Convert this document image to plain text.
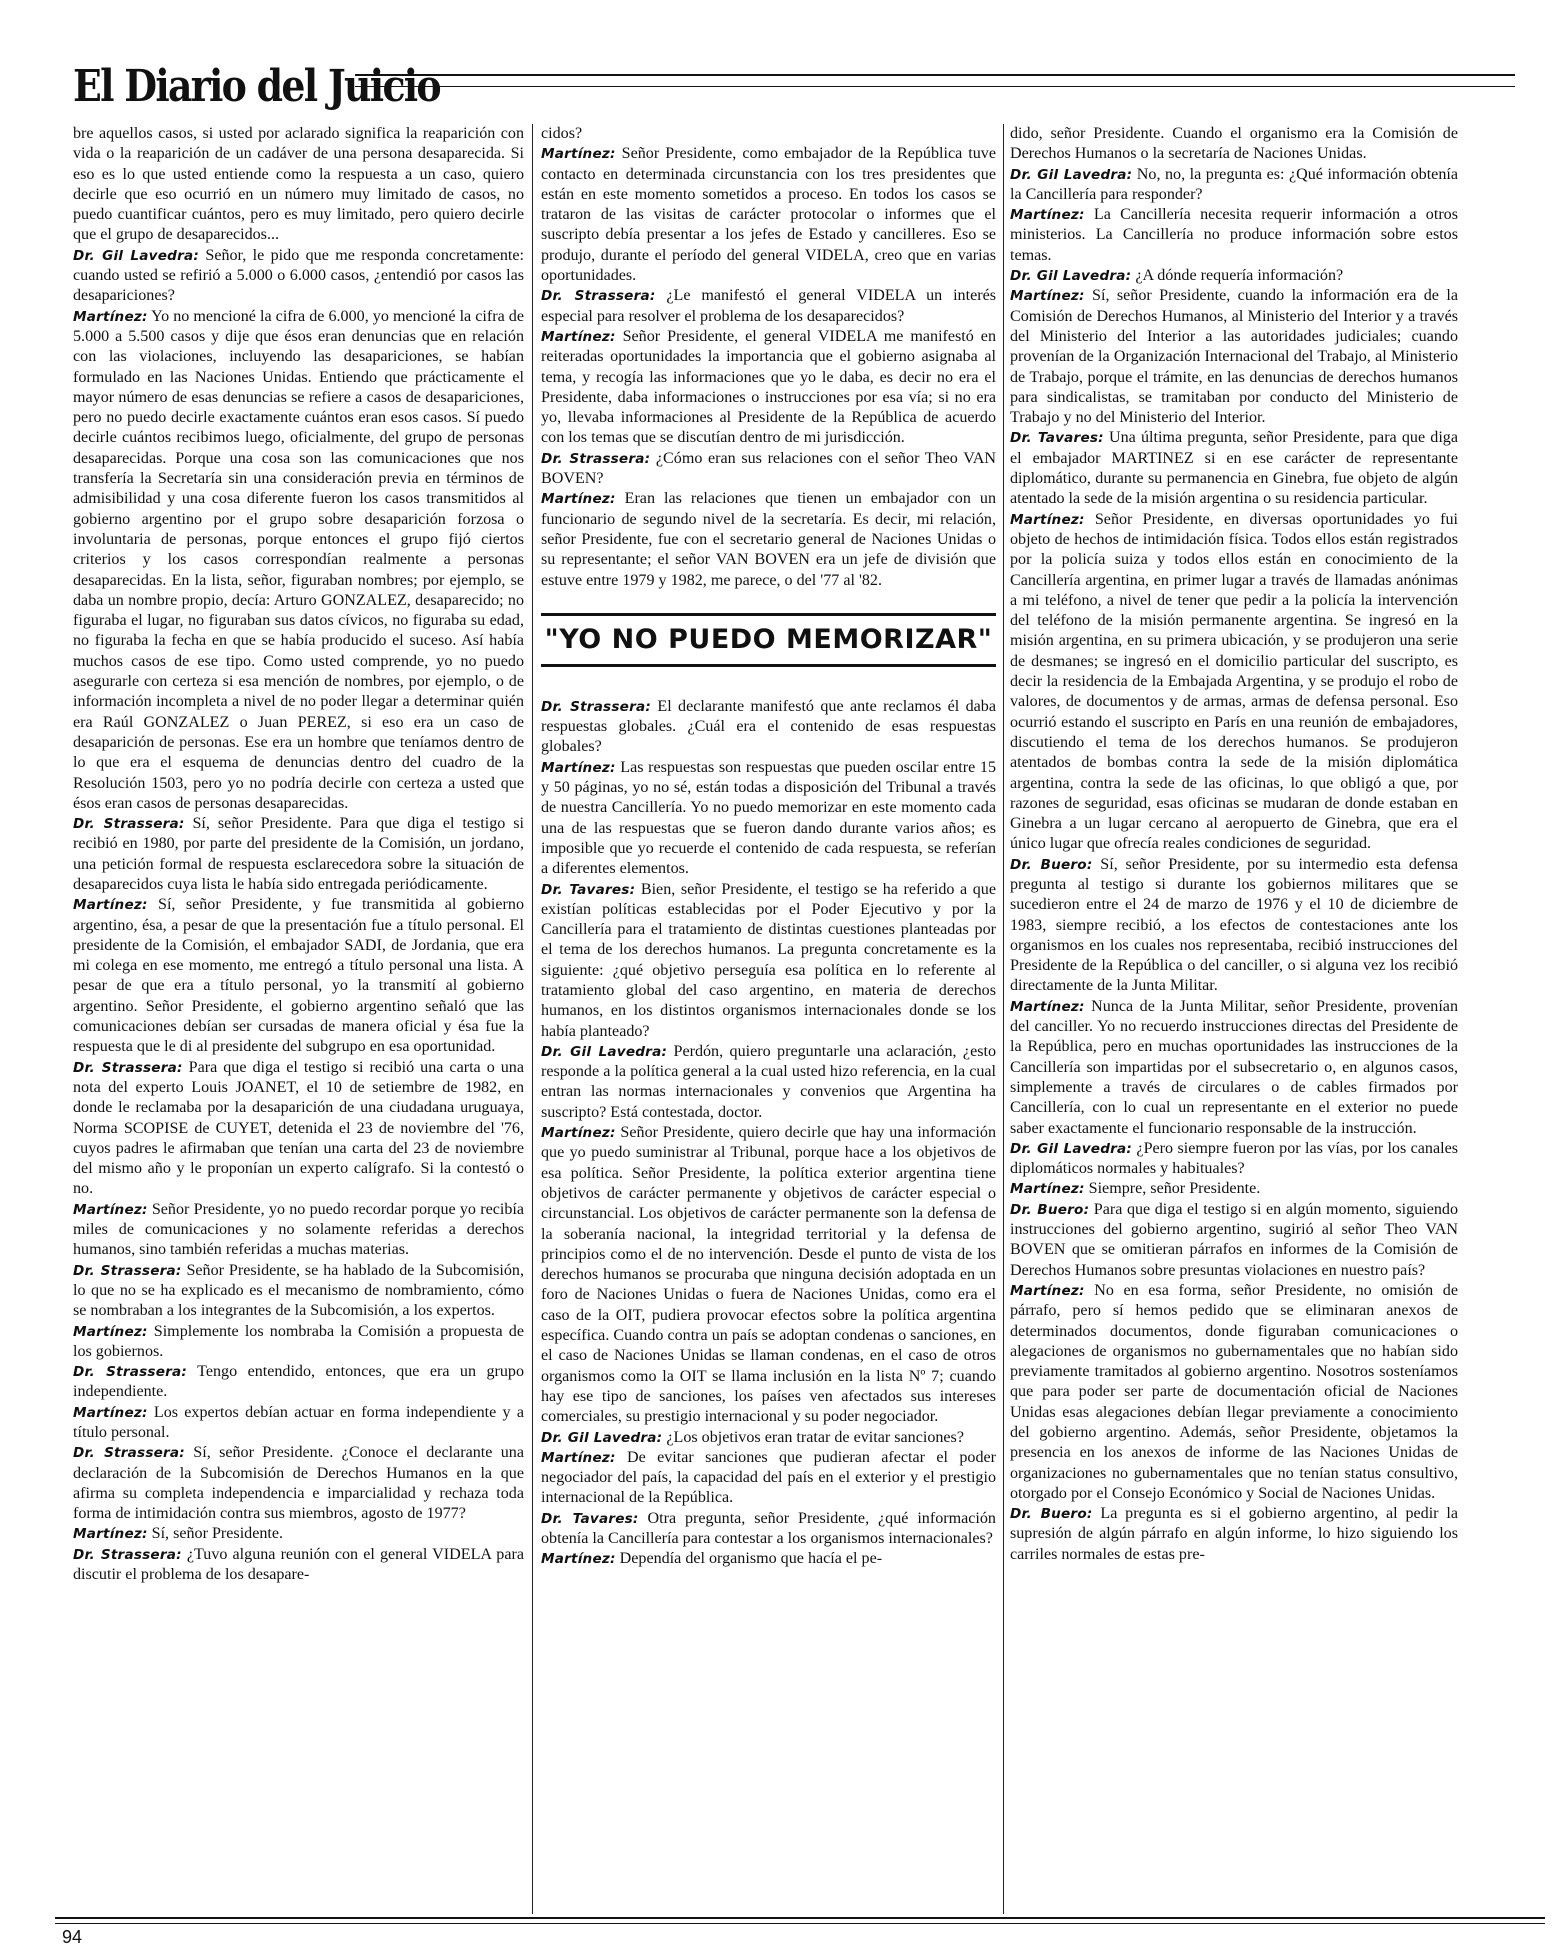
El Diario del Juicio

bre aquellos casos, si usted por aclarado significa la reaparición con vida o la reaparición de un cadáver de una persona desaparecida. Si eso es lo que usted entiende como la respuesta a un caso, quiero decirle que eso ocurrió en un número muy limitado de casos, no puedo cuantificar cuántos, pero es muy limitado, pero quiero decirle que el grupo de desaparecidos...

Dr. Gil Lavedra: Señor, le pido que me responda concretamente: cuando usted se refirió a 5.000 o 6.000 casos, ¿entendió por casos las desapariciones?

Martínez: Yo no mencioné la cifra de 6.000, yo mencioné la cifra de 5.000 a 5.500 casos y dije que ésos eran denuncias que en relación con las violaciones, incluyendo las desapariciones, se habían formulado en las Naciones Unidas. Entiendo que prácticamente el mayor número de esas denuncias se refiere a casos de desapariciones, pero no puedo decirle exactamente cuántos eran esos casos. Sí puedo decirle cuántos recibimos luego, oficialmente, del grupo de personas desaparecidas. Porque una cosa son las comunicaciones que nos transfería la Secretaría sin una consideración previa en términos de admisibilidad y una cosa diferente fueron los casos transmitidos al gobierno argentino por el grupo sobre desaparición forzosa o involuntaria de personas, porque entonces el grupo fijó ciertos criterios y los casos correspondían realmente a personas desaparecidas. En la lista, señor, figuraban nombres; por ejemplo, se daba un nombre propio, decía: Arturo GONZALEZ, desaparecido; no figuraba el lugar, no figuraban sus datos cívicos, no figuraba su edad, no figuraba la fecha en que se había producido el suceso. Así había muchos casos de ese tipo. Como usted comprende, yo no puedo asegurarle con certeza si esa mención de nombres, por ejemplo, o de información incompleta a nivel de no poder llegar a determinar quién era Raúl GONZALEZ o Juan PEREZ, si eso era un caso de desaparición de personas. Ese era un hombre que teníamos dentro de lo que era el esquema de denuncias dentro del cuadro de la Resolución 1503, pero yo no podría decirle con certeza a usted que ésos eran casos de personas desaparecidas.

Dr. Strassera: Sí, señor Presidente. Para que diga el testigo si recibió en 1980, por parte del presidente de la Comisión, un jordano, una petición formal de respuesta esclarecedora sobre la situación de desaparecidos cuya lista le había sido entregada periódicamente.

Martínez: Sí, señor Presidente, y fue transmitida al gobierno argentino, ésa, a pesar de que la presentación fue a título personal. El presidente de la Comisión, el embajador SADI, de Jordania, que era mi colega en ese momento, me entregó a título personal una lista. A pesar de que era a título personal, yo la transmití al gobierno argentino. Señor Presidente, el gobierno argentino señaló que las comunicaciones debían ser cursadas de manera oficial y ésa fue la respuesta que le di al presidente del subgrupo en esa oportunidad.

Dr. Strassera: Para que diga el testigo si recibió una carta o una nota del experto Louis JOANET, el 10 de setiembre de 1982, en donde le reclamaba por la desaparición de una ciudadana uruguaya, Norma SCOPISE de CUYET, detenida el 23 de noviembre del '76, cuyos padres le afirmaban que tenían una carta del 23 de noviembre del mismo año y le proponían un experto calígrafo. Si la contestó o no.

Martínez: Señor Presidente, yo no puedo recordar porque yo recibía miles de comunicaciones y no solamente referidas a derechos humanos, sino también referidas a muchas materias.

Dr. Strassera: Señor Presidente, se ha hablado de la Subcomisión, lo que no se ha explicado es el mecanismo de nombramiento, cómo se nombraban a los integrantes de la Subcomisión, a los expertos.

Martínez: Simplemente los nombraba la Comisión a propuesta de los gobiernos.

Dr. Strassera: Tengo entendido, entonces, que era un grupo independiente.

Martínez: Los expertos debían actuar en forma independiente y a título personal.

Dr. Strassera: Sí, señor Presidente. ¿Conoce el declarante una declaración de la Subcomisión de Derechos Humanos en la que afirma su completa independencia e imparcialidad y rechaza toda forma de intimidación contra sus miembros, agosto de 1977?

Martínez: Sí, señor Presidente.

Dr. Strassera: ¿Tuvo alguna reunión con el general VIDELA para discutir el problema de los desapare-

cidos?

Martínez: Señor Presidente, como embajador de la República tuve contacto en determinada circunstancia con los tres presidentes que están en este momento sometidos a proceso. En todos los casos se trataron de las visitas de carácter protocolar o informes que el suscripto debía presentar a los jefes de Estado y cancilleres. Eso se produjo, durante el período del general VIDELA, creo que en varias oportunidades.

Dr. Strassera: ¿Le manifestó el general VIDELA un interés especial para resolver el problema de los desaparecidos?

Martínez: Señor Presidente, el general VIDELA me manifestó en reiteradas oportunidades la importancia que el gobierno asignaba al tema, y recogía las informaciones que yo le daba, es decir no era el Presidente, daba informaciones o instrucciones por esa vía; si no era yo, llevaba informaciones al Presidente de la República de acuerdo con los temas que se discutían dentro de mi jurisdicción.

Dr. Strassera: ¿Cómo eran sus relaciones con el señor Theo VAN BOVEN?

Martínez: Eran las relaciones que tienen un embajador con un funcionario de segundo nivel de la secretaría. Es decir, mi relación, señor Presidente, fue con el secretario general de Naciones Unidas o su representante; el señor VAN BOVEN era un jefe de división que estuve entre 1979 y 1982, me parece, o del '77 al '82.

"YO NO PUEDO MEMORIZAR"

Dr. Strassera: El declarante manifestó que ante reclamos él daba respuestas globales. ¿Cuál era el contenido de esas respuestas globales?

Martínez: Las respuestas son respuestas que pueden oscilar entre 15 y 50 páginas, yo no sé, están todas a disposición del Tribunal a través de nuestra Cancillería. Yo no puedo memorizar en este momento cada una de las respuestas que se fueron dando durante varios años; es imposible que yo recuerde el contenido de cada respuesta, se referían a diferentes elementos.

Dr. Tavares: Bien, señor Presidente, el testigo se ha referido a que existían políticas establecidas por el Poder Ejecutivo y por la Cancillería para el tratamiento de distintas cuestiones planteadas por el tema de los derechos humanos. La pregunta concretamente es la siguiente: ¿qué objetivo perseguía esa política en lo referente al tratamiento global del caso argentino, en materia de derechos humanos, en los distintos organismos internacionales donde se los había planteado?

Dr. Gil Lavedra: Perdón, quiero preguntarle una aclaración, ¿esto responde a la política general a la cual usted hizo referencia, en la cual entran las normas internacionales y convenios que Argentina ha suscripto? Está contestada, doctor.

Martínez: Señor Presidente, quiero decirle que hay una información que yo puedo suministrar al Tribunal, porque hace a los objetivos de esa política. Señor Presidente, la política exterior argentina tiene objetivos de carácter permanente y objetivos de carácter especial o circunstancial. Los objetivos de carácter permanente son la defensa de la soberanía nacional, la integridad territorial y la defensa de principios como el de no intervención. Desde el punto de vista de los derechos humanos se procuraba que ninguna decisión adoptada en un foro de Naciones Unidas o fuera de Naciones Unidas, como era el caso de la OIT, pudiera provocar efectos sobre la política argentina específica. Cuando contra un país se adoptan condenas o sanciones, en el caso de Naciones Unidas se llaman condenas, en el caso de otros organismos como la OIT se llama inclusión en la lista Nº 7; cuando hay ese tipo de sanciones, los países ven afectados sus intereses comerciales, su prestigio internacional y su poder negociador.

Dr. Gil Lavedra: ¿Los objetivos eran tratar de evitar sanciones?

Martínez: De evitar sanciones que pudieran afectar el poder negociador del país, la capacidad del país en el exterior y el prestigio internacional de la República.

Dr. Tavares: Otra pregunta, señor Presidente, ¿qué información obtenía la Cancillería para contestar a los organismos internacionales?

Martínez: Dependía del organismo que hacía el pe-

dido, señor Presidente. Cuando el organismo era la Comisión de Derechos Humanos o la secretaría de Naciones Unidas.

Dr. Gil Lavedra: No, no, la pregunta es: ¿Qué información obtenía la Cancillería para responder?

Martínez: La Cancillería necesita requerir información a otros ministerios. La Cancillería no produce información sobre estos temas.

Dr. Gil Lavedra: ¿A dónde requería información?

Martínez: Sí, señor Presidente, cuando la información era de la Comisión de Derechos Humanos, al Ministerio del Interior y a través del Ministerio del Interior a las autoridades judiciales; cuando provenían de la Organización Internacional del Trabajo, al Ministerio de Trabajo, porque el trámite, en las denuncias de derechos humanos para sindicalistas, se tramitaban por conducto del Ministerio de Trabajo y no del Ministerio del Interior.

Dr. Tavares: Una última pregunta, señor Presidente, para que diga el embajador MARTINEZ si en ese carácter de representante diplomático, durante su permanencia en Ginebra, fue objeto de algún atentado la sede de la misión argentina o su residencia particular.

Martínez: Señor Presidente, en diversas oportunidades yo fui objeto de hechos de intimidación física. Todos ellos están registrados por la policía suiza y todos ellos están en conocimiento de la Cancillería argentina, en primer lugar a través de llamadas anónimas a mi teléfono, a nivel de tener que pedir a la policía la intervención del teléfono de la misión permanente argentina. Se ingresó en la misión argentina, en su primera ubicación, y se produjeron una serie de desmanes; se ingresó en el domicilio particular del suscripto, es decir la residencia de la Embajada Argentina, y se produjo el robo de valores, de documentos y de armas, armas de defensa personal. Eso ocurrió estando el suscripto en París en una reunión de embajadores, discutiendo el tema de los derechos humanos. Se produjeron atentados de bombas contra la sede de la misión diplomática argentina, contra la sede de las oficinas, lo que obligó a que, por razones de seguridad, esas oficinas se mudaran de donde estaban en Ginebra a un lugar cercano al aeropuerto de Ginebra, que era el único lugar que ofrecía reales condiciones de seguridad.

Dr. Buero: Sí, señor Presidente, por su intermedio esta defensa pregunta al testigo si durante los gobiernos militares que se sucedieron entre el 24 de marzo de 1976 y el 10 de diciembre de 1983, siempre recibió, a los efectos de contestaciones ante los organismos en los cuales nos representaba, recibió instrucciones del Presidente de la República o del canciller, o si alguna vez los recibió directamente de la Junta Militar.

Martínez: Nunca de la Junta Militar, señor Presidente, provenían del canciller. Yo no recuerdo instrucciones directas del Presidente de la República, pero en muchas oportunidades las instrucciones de la Cancillería son impartidas por el subsecretario o, en algunos casos, simplemente a través de circulares o de cables firmados por Cancillería, con lo cual un representante en el exterior no puede saber exactamente el funcionario responsable de la instrucción.

Dr. Gil Lavedra: ¿Pero siempre fueron por las vías, por los canales diplomáticos normales y habituales?

Martínez: Siempre, señor Presidente.

Dr. Buero: Para que diga el testigo si en algún momento, siguiendo instrucciones del gobierno argentino, sugirió al señor Theo VAN BOVEN que se omitieran párrafos en informes de la Comisión de Derechos Humanos sobre presuntas violaciones en nuestro país?

Martínez: No en esa forma, señor Presidente, no omisión de párrafo, pero sí hemos pedido que se eliminaran anexos de determinados documentos, donde figuraban comunicaciones o alegaciones de organismos no gubernamentales que no habían sido previamente tramitados al gobierno argentino. Nosotros sosteníamos que para poder ser parte de documentación oficial de Naciones Unidas esas alegaciones debían llegar previamente a conocimiento del gobierno argentino. Además, señor Presidente, objetamos la presencia en los anexos de informe de las Naciones Unidas de organizaciones no gubernamentales que no tenían status consultivo, otorgado por el Consejo Económico y Social de Naciones Unidas.

Dr. Buero: La pregunta es si el gobierno argentino, al pedir la supresión de algún párrafo en algún informe, lo hizo siguiendo los carriles normales de estas pre-

94
